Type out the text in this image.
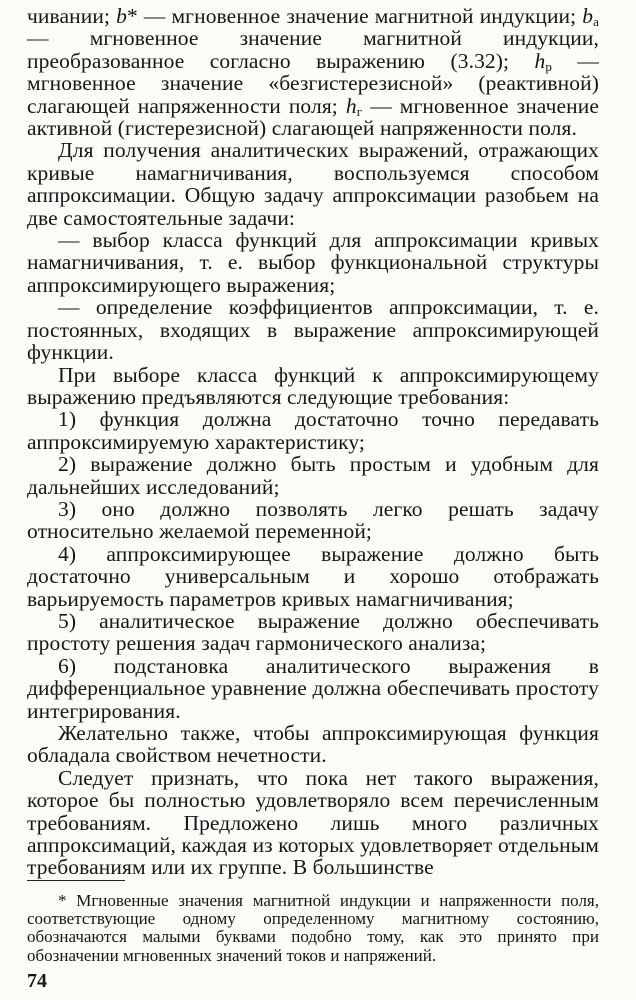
чивании; b* — мгновенное значение магнитной индукции; $b_а$ — мгновенное значение магнитной индукции, преобразованное согласно выражению (3.32); $h_р$ — мгновенное значение «безгистерезисной» (реактивной) слагающей напряженности поля; $h_г$ — мгновенное значение активной (гистерезисной) слагающей напряженности поля.

Для получения аналитических выражений, отражающих кривые намагничивания, воспользуемся способом аппроксимации. Общую задачу аппроксимации разобьем на две самостоятельные задачи:

— выбор класса функций для аппроксимации кривых намагничивания, т. е. выбор функциональной структуры аппроксимирующего выражения;

— определение коэффициентов аппроксимации, т. е. постоянных, входящих в выражение аппроксимирующей функции.

При выборе класса функций к аппроксимирующему выражению предъявляются следующие требования:

1) функция должна достаточно точно передавать аппроксимируемую характеристику;

2) выражение должно быть простым и удобным для дальнейших исследований;

3) оно должно позволять легко решать задачу относительно желаемой переменной;

4) аппроксимирующее выражение должно быть достаточно универсальным и хорошо отображать варьируемость параметров кривых намагничивания;

5) аналитическое выражение должно обеспечивать простоту решения задач гармонического анализа;

6) подстановка аналитического выражения в дифференциальное уравнение должна обеспечивать простоту интегрирования.

Желательно также, чтобы аппроксимирующая функция обладала свойством нечетности.

Следует признать, что пока нет такого выражения, которое бы полностью удовлетворяло всем перечисленным требованиям. Предложено лишь много различных аппроксимаций, каждая из которых удовлетворяет отдельным требованиям или их группе. В большинстве

* Мгновенные значения магнитной индукции и напряженности поля, соответствующие одному определенному магнитному состоянию, обозначаются малыми буквами подобно тому, как это принято при обозначении мгновенных значений токов и напряжений.

74
